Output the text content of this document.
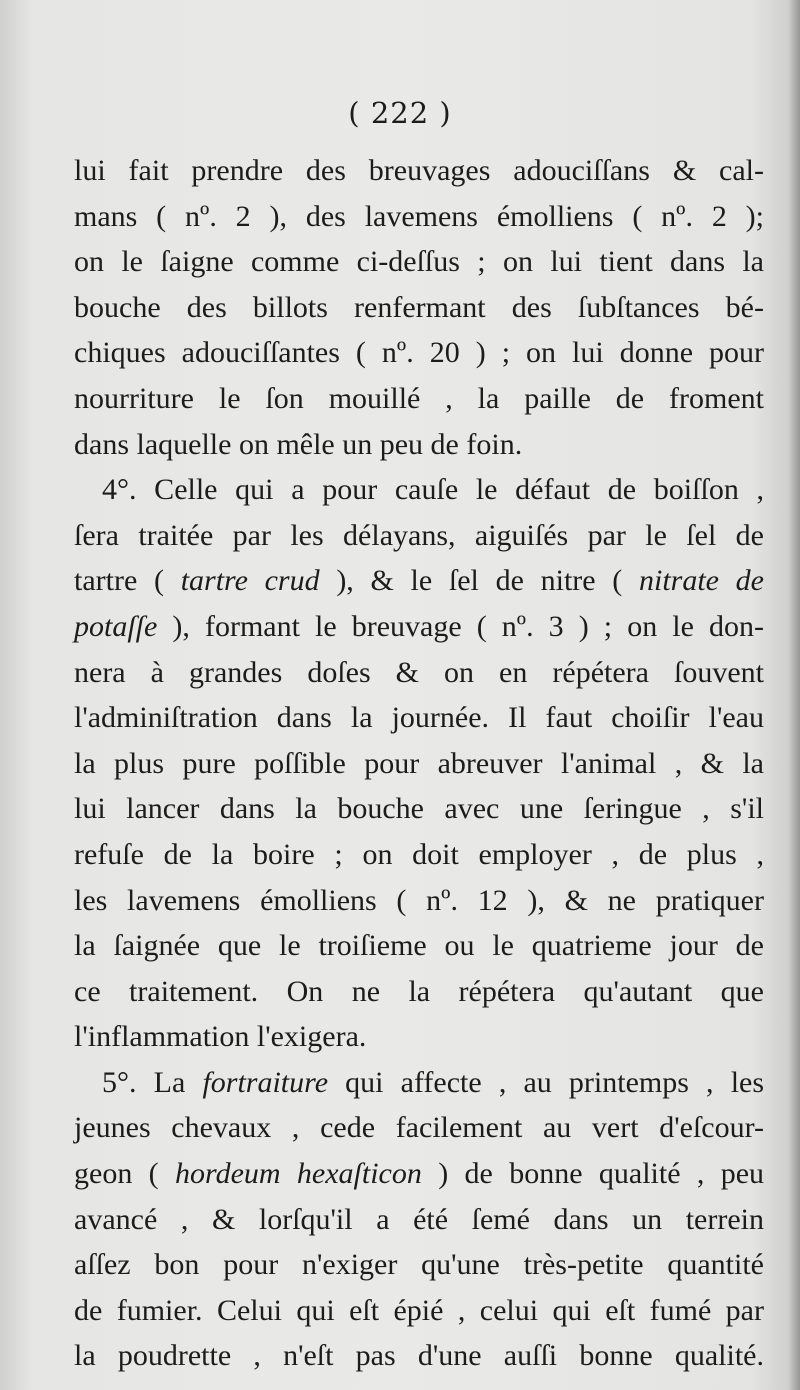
( 222 )
lui fait prendre des breuvages adouciſſans & cal-
mans ( nº. 2 ), des lavemens émolliens ( nº. 2 );
on le ſaigne comme ci-deſſus ; on lui tient dans la
bouche des billots renfermant des ſubſtances bé-
chiques adouciſſantes ( nº. 20 ) ; on lui donne pour
nourriture le ſon mouillé , la paille de froment
dans laquelle on mêle un peu de foin.
4°. Celle qui a pour cauſe le défaut de boiſſon ,
ſera traitée par les délayans, aiguiſés par le ſel de
tartre ( tartre crud ), & le ſel de nitre ( nitrate de
potaſſe ), formant le breuvage ( nº. 3 ) ; on le don-
nera à grandes doſes & on en répétera ſouvent
l'adminiſtration dans la journée. Il faut choiſir l'eau
la plus pure poſſible pour abreuver l'animal , & la
lui lancer dans la bouche avec une ſeringue , s'il
refuſe de la boire ; on doit employer , de plus ,
les lavemens émolliens ( nº. 12 ), & ne pratiquer
la ſaignée que le troiſieme ou le quatrieme jour de
ce traitement. On ne la répétera qu'autant que
l'inflammation l'exigera.
5°. La fortraiture qui affecte , au printemps , les
jeunes chevaux , cede facilement au vert d'eſcour-
geon ( hordeum hexaſticon ) de bonne qualité , peu
avancé , & lorſqu'il a été ſemé dans un terrein
aſſez bon pour n'exiger qu'une très-petite quantité
de fumier. Celui qui eſt épié , celui qui eſt fumé par
la poudrette , n'eſt pas d'une auſſi bonne qualité.
